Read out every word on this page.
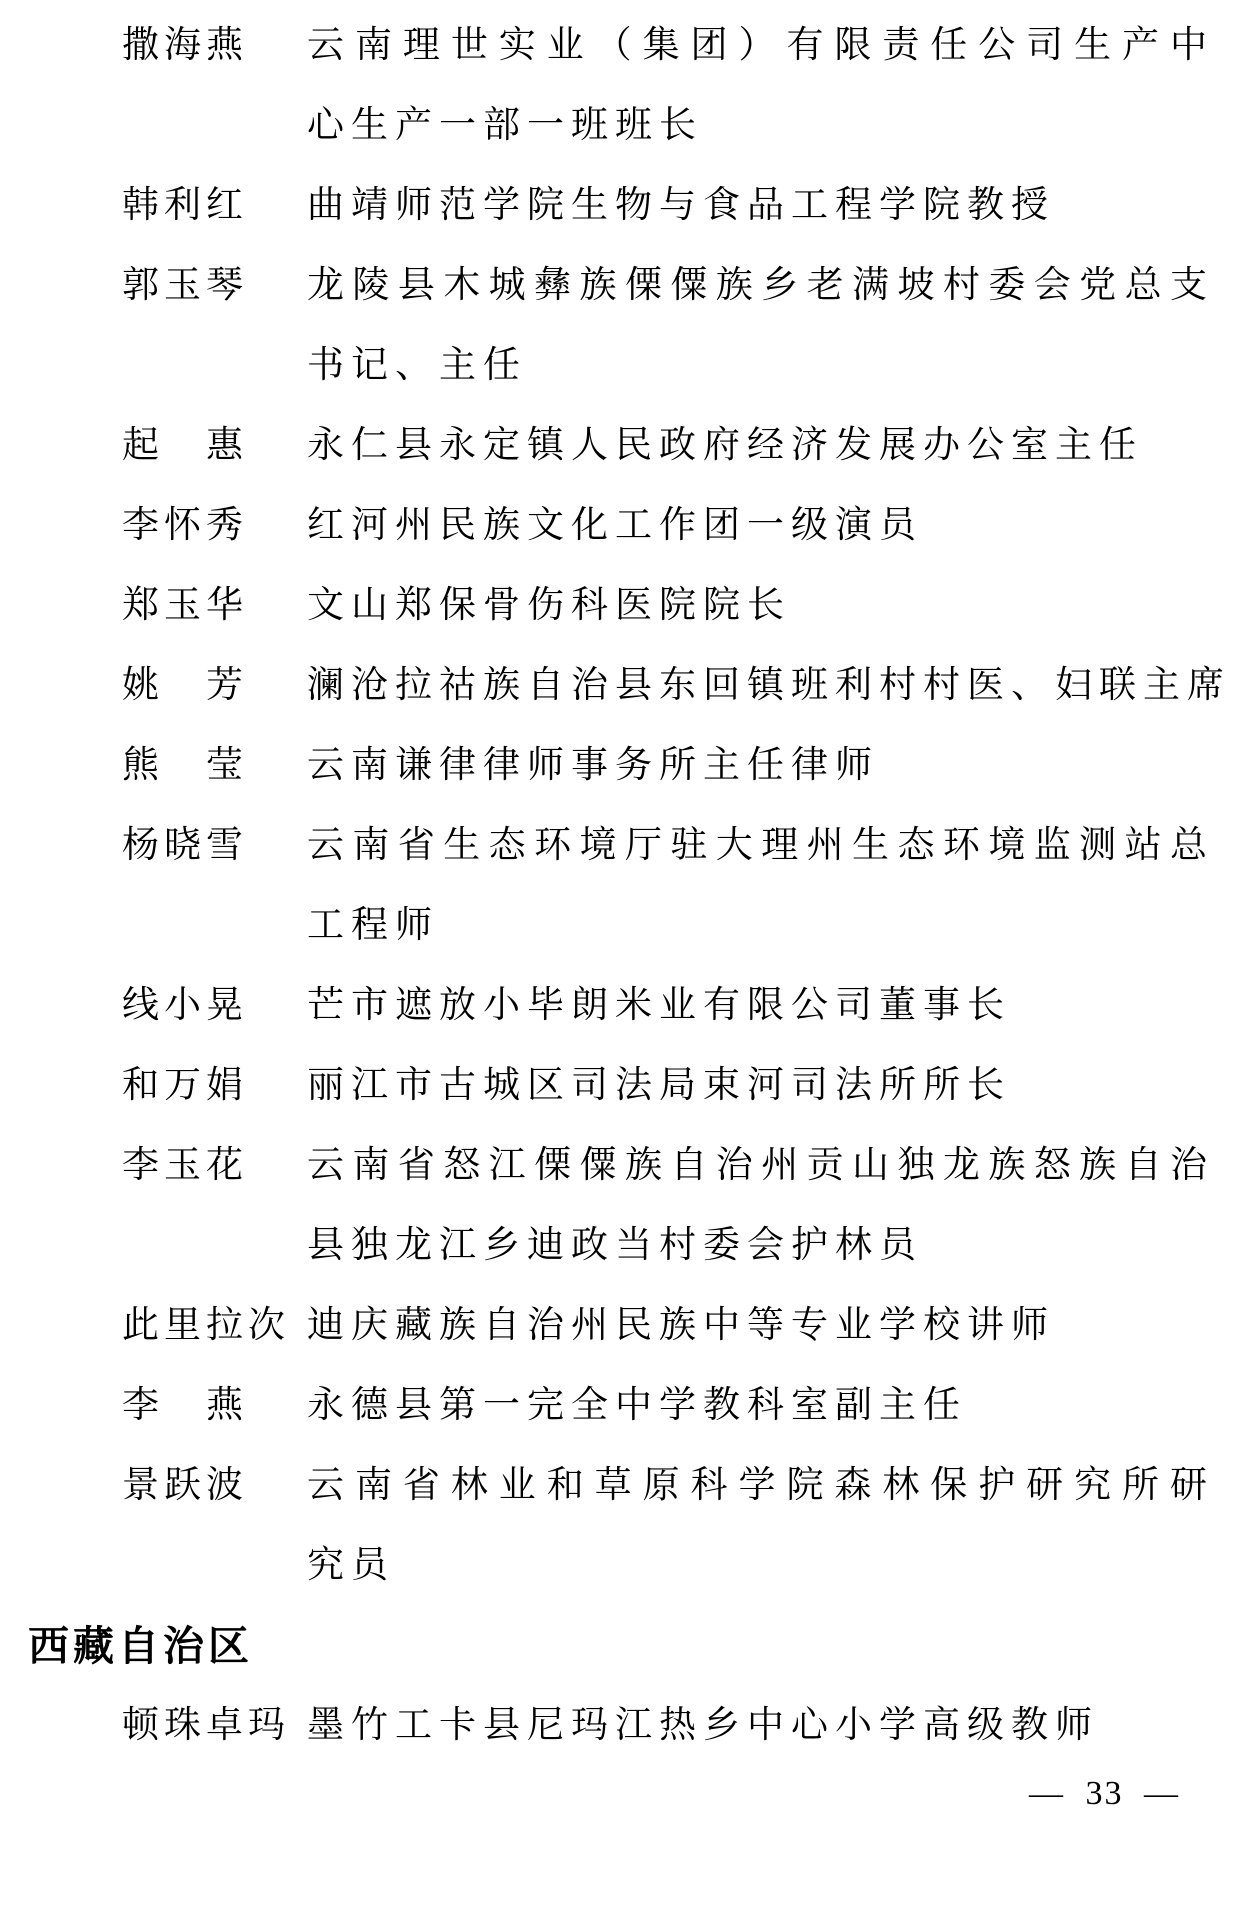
撒海燕	云南理世实业（集团）有限责任公司生产中
心生产一部一班班长
韩利红	曲靖师范学院生物与食品工程学院教授
郭玉琴	龙陵县木城彝族傈僳族乡老满坡村委会党总支
书记、主任
起　惠	永仁县永定镇人民政府经济发展办公室主任
李怀秀	红河州民族文化工作团一级演员
郑玉华	文山郑保骨伤科医院院长
姚　芳	澜沧拉祜族自治县东回镇班利村村医、妇联主席
熊　莹	云南谦律律师事务所主任律师
杨晓雪	云南省生态环境厅驻大理州生态环境监测站总
工程师
线小晃	芒市遮放小毕朗米业有限公司董事长
和万娟	丽江市古城区司法局束河司法所所长
李玉花	云南省怒江傈僳族自治州贡山独龙族怒族自治
县独龙江乡迪政当村委会护林员
此里拉次 迪庆藏族自治州民族中等专业学校讲师
李　燕	永德县第一完全中学教科室副主任
景跃波	云南省林业和草原科学院森林保护研究所研
究员
西藏自治区
顿珠卓玛 墨竹工卡县尼玛江热乡中心小学高级教师
— 33 —
